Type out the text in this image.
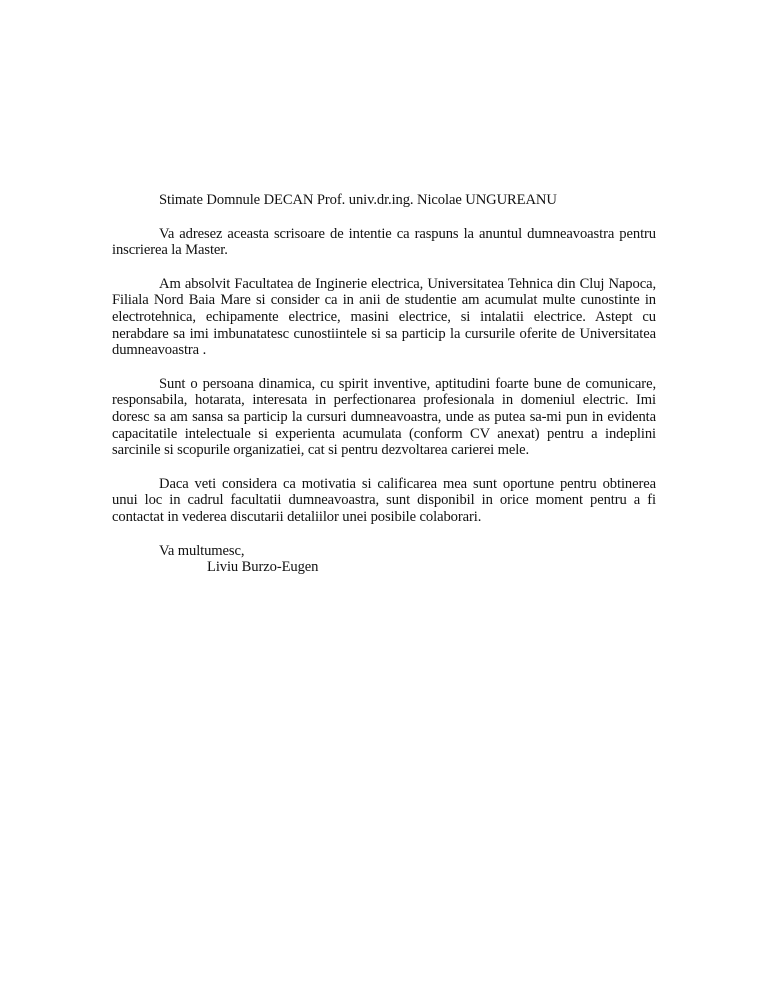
Stimate Domnule DECAN Prof. univ.dr.ing. Nicolae UNGUREANU

Va adresez aceasta scrisoare de intentie ca raspuns la anuntul dumneavoastra pentru inscrierea la Master.

Am absolvit Facultatea de Inginerie electrica, Universitatea Tehnica din Cluj Napoca, Filiala Nord Baia Mare si consider ca in anii de studentie am acumulat multe cunostinte in electrotehnica, echipamente electrice, masini electrice, si intalatii electrice. Astept cu nerabdare sa imi imbunatatesc cunostiintele si sa particip la cursurile oferite de Universitatea dumneavoastra .

Sunt o persoana dinamica, cu spirit inventive, aptitudini foarte bune de comunicare, responsabila, hotarata, interesata in perfectionarea profesionala in domeniul electric. Imi doresc sa am sansa sa particip la cursuri dumneavoastra, unde as putea sa-mi pun in evidenta capacitatile intelectuale si experienta acumulata (conform CV anexat) pentru a indeplini sarcinile si scopurile organizatiei, cat si pentru dezvoltarea carierei mele.

Daca veti considera ca motivatia si calificarea mea sunt oportune pentru obtinerea unui loc in cadrul facultatii dumneavoastra, sunt disponibil in orice moment pentru a fi contactat in vederea discutarii detaliilor unei posibile colaborari.

Va multumesc,

Liviu Burzo-Eugen
